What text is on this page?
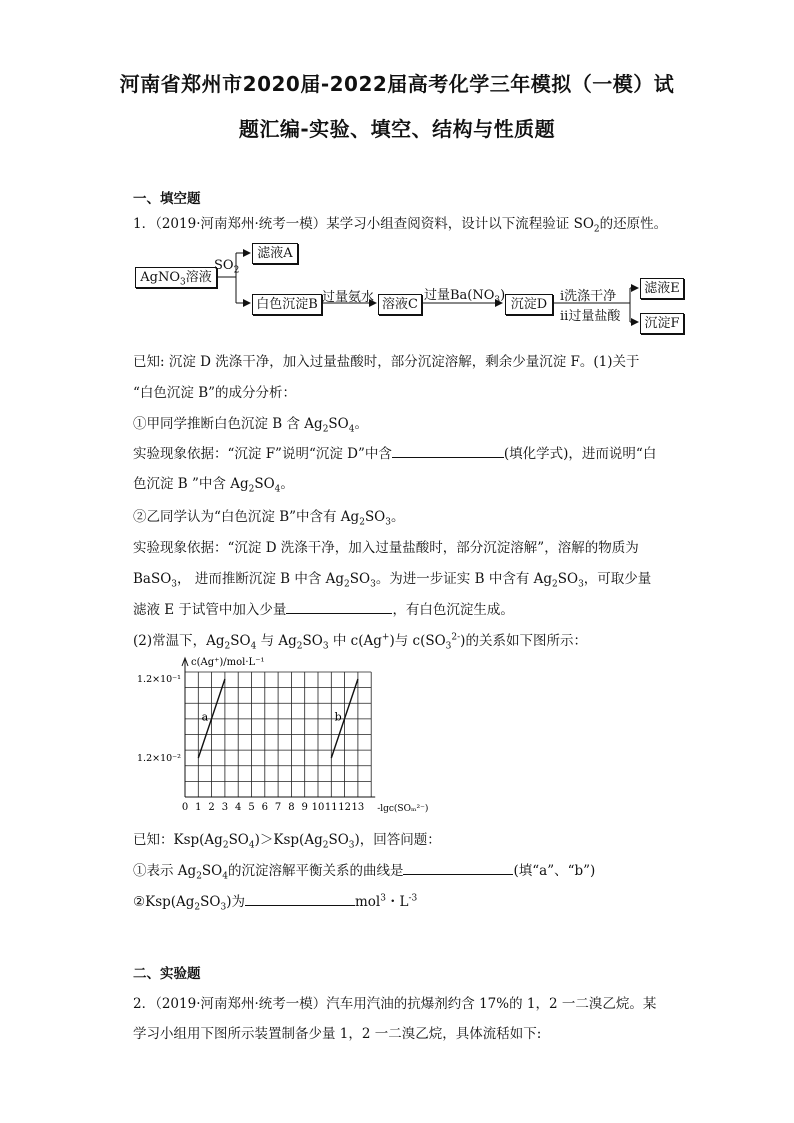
河南省郑州市2020届-2022届高考化学三年模拟（一模）试
题汇编-实验、填空、结构与性质题
一、填空题
1．（2019·河南郑州·统考一模）某学习小组查阅资料，设计以下流程验证 $SO_2$的还原性。
AgNO$_3$溶液
$SO_2$
滤液A
白色沉淀B 过量氨水 溶液C
过量$Ba(NO_3)$
沉淀D
i洗涤干净
ii过量盐酸
滤液E
沉淀F
已知: 沉淀 D 洗涤干净，加入过量盐酸时，部分沉淀溶解，剩余少量沉淀 F。(1)关于
“白色沉淀 B”的成分分析：
①甲同学推断白色沉淀 B 含 $Ag_2SO_4$。
实验现象依据：“沉淀 F”说明“沉淀 D”中含	(填化学式)，进而说明“白
色沉淀 B ”中含 $Ag_2SO_4$。
②乙同学认为“白色沉淀 B”中含有 $Ag_2SO_3$。
实验现象依据：“沉淀 D 洗涤干净，加入过量盐酸时，部分沉淀溶解”，溶解的物质为
BaSO$_3$， 进而推断沉淀 B 中含 $Ag_2SO_3$。为进一步证实 B 中含有 $Ag_2SO_3$，可取少量
滤液 E 于试管中加入少量	，有白色沉淀生成。
(2)常温下，$Ag_2SO_4$ 与 $Ag_2SO_3$ 中 c(Ag+)与 $c(SO_3^{2-})$的关系如下图所示：
c(Ag⁺)/mol·L⁻¹
1.2×10⁻¹
1.2×10⁻²
0 1 2 3 4 5 6 7 8 9 10 11 12 13 -lgc(SOₘ²⁻)
a	b
已知：$Ksp(Ag_2SO_4)>Ksp(Ag_2SO_3)$，回答问题：
①表示 $Ag_2SO_4$的沉淀溶解平衡关系的曲线是	(填“a”、“b”)
$②Ksp(Ag_2SO_3)$为	mol$^3$・$L^{-3}$
二、实验题
2．（2019·河南郑州·统考一模）汽车用汽油的抗爆剂约含 17%的 1，2 一二溴乙烷。某
学习小组用下图所示装置制备少量 1，2 一二溴乙烷，具体流秳如下:
